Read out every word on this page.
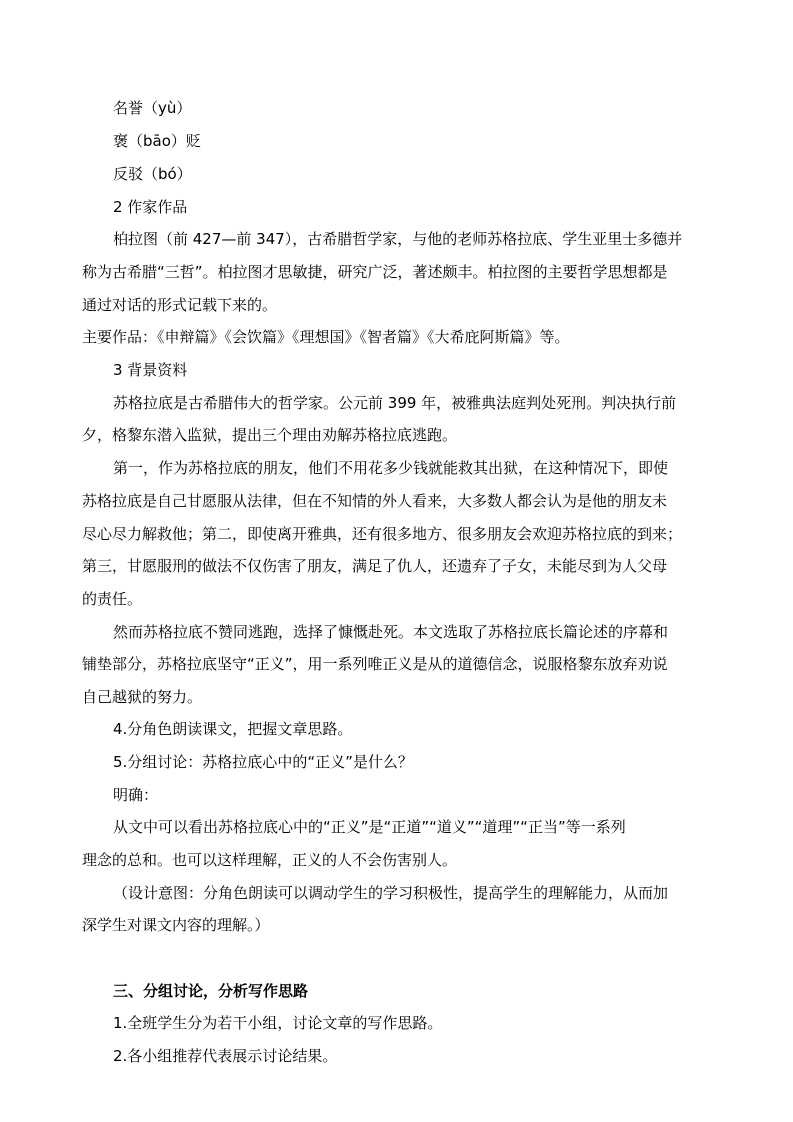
名誉（yù）
褒（bāo）贬
反驳（bó）
2 作家作品
柏拉图（前 427—前 347），古希腊哲学家，与他的老师苏格拉底、学生亚里士多德并
称为古希腊“三哲”。柏拉图才思敏捷，研究广泛，著述颇丰。柏拉图的主要哲学思想都是
通过对话的形式记载下来的。
主要作品：《申辩篇》《会饮篇》《理想国》《智者篇》《大希庇阿斯篇》等。
3 背景资料
苏格拉底是古希腊伟大的哲学家。公元前 399 年，被雅典法庭判处死刑。判决执行前
夕，格黎东潜入监狱，提出三个理由劝解苏格拉底逃跑。
第一，作为苏格拉底的朋友，他们不用花多少钱就能救其出狱，在这种情况下，即使
苏格拉底是自己甘愿服从法律，但在不知情的外人看来，大多数人都会认为是他的朋友未
尽心尽力解救他；第二，即使离开雅典，还有很多地方、很多朋友会欢迎苏格拉底的到来；
第三，甘愿服刑的做法不仅伤害了朋友，满足了仇人，还遗弃了子女，未能尽到为人父母
的责任。
然而苏格拉底不赞同逃跑，选择了慷慨赴死。本文选取了苏格拉底长篇论述的序幕和
铺垫部分，苏格拉底坚守“正义”，用一系列唯正义是从的道德信念，说服格黎东放弃劝说
自己越狱的努力。
4.分角色朗读课文，把握文章思路。
5.分组讨论：苏格拉底心中的“正义”是什么？
明确：
从文中可以看出苏格拉底心中的“正义”是“正道”“道义”“道理”“正当”等一系列
理念的总和。也可以这样理解，正义的人不会伤害别人。
（设计意图：分角色朗读可以调动学生的学习积极性，提高学生的理解能力，从而加
深学生对课文内容的理解。）
三、分组讨论，分析写作思路
1.全班学生分为若干小组，讨论文章的写作思路。
2.各小组推荐代表展示讨论结果。
